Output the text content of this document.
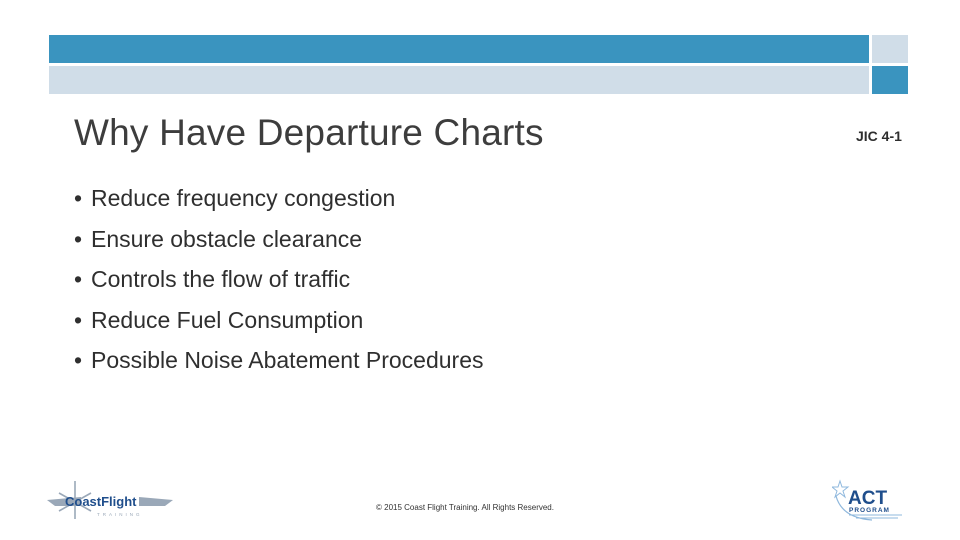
Why Have Departure Charts	JIC 4-1
• Reduce frequency congestion
• Ensure obstacle clearance
• Controls the flow of traffic
• Reduce Fuel Consumption
• Possible Noise Abatement Procedures
CoastFlight
TRAINING
© 2015 Coast Flight Training. All Rights Reserved.	ACT
PROGRAM
